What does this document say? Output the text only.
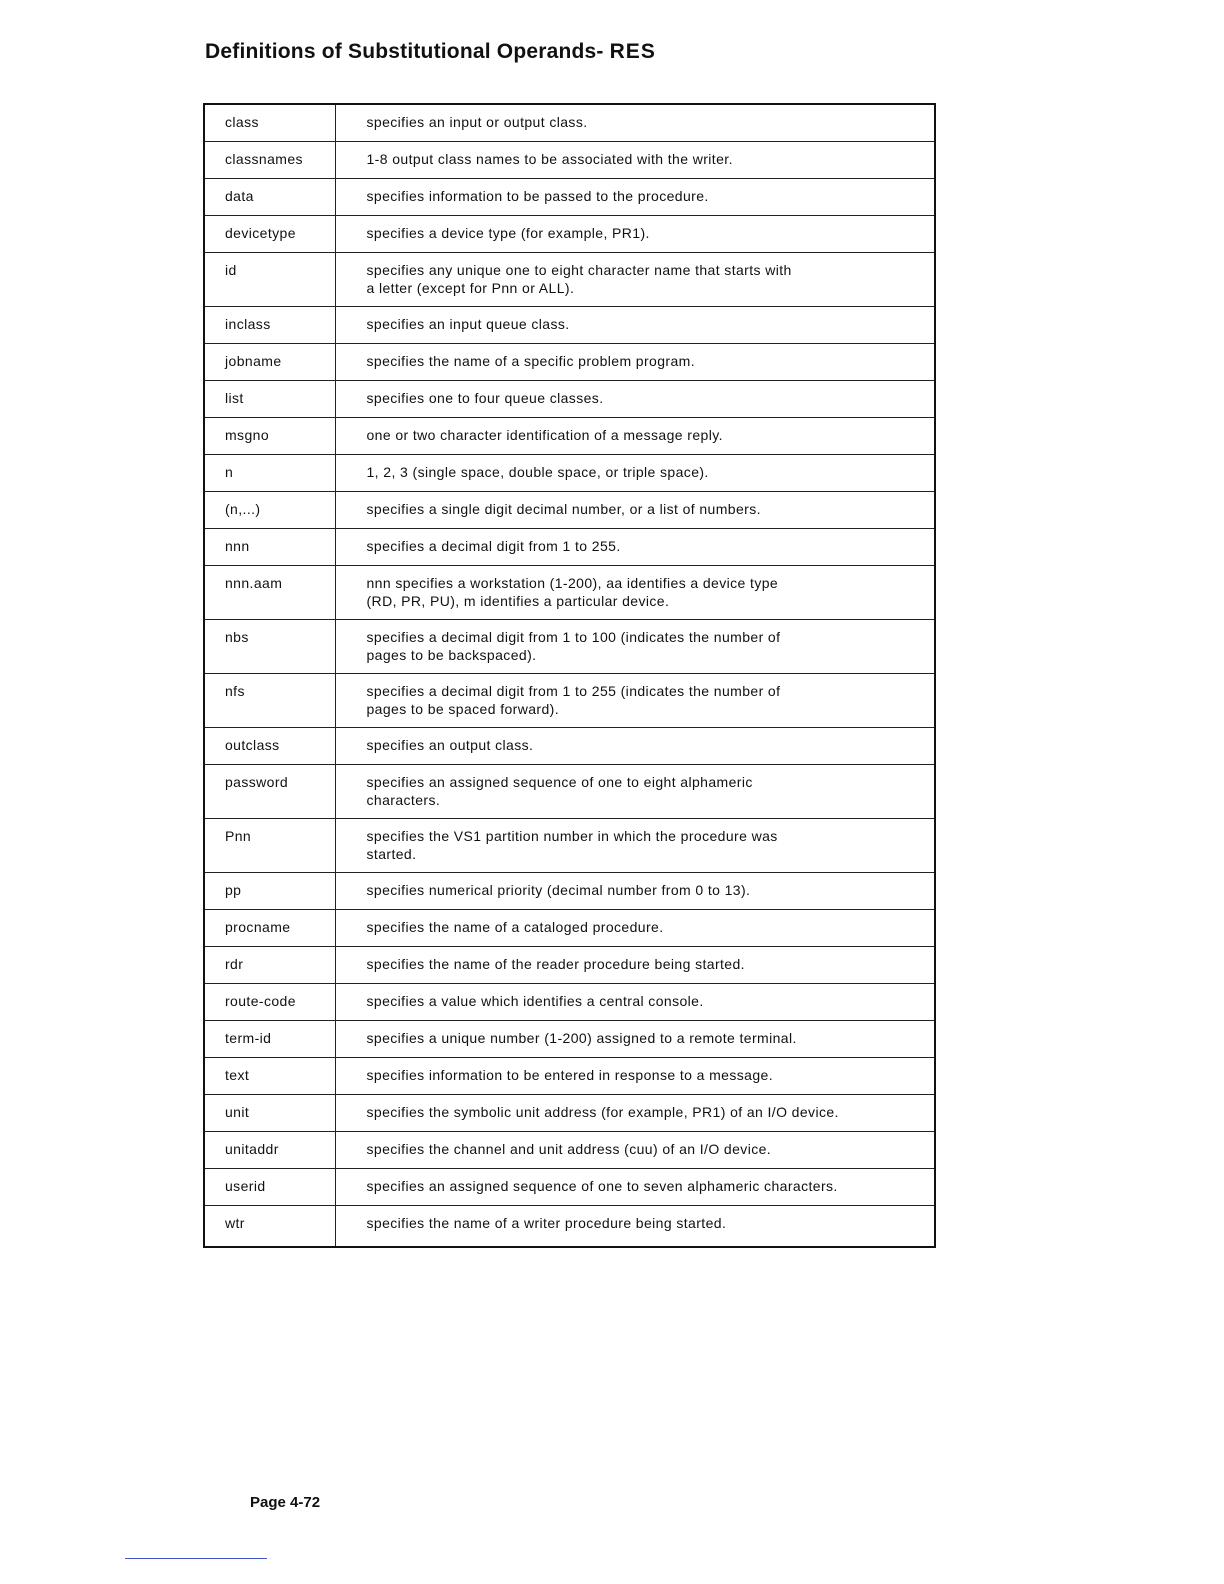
Definitions of Substitutional Operands- RES
class	specifies an input or output class.

classnames	1-8 output class names to be associated with the writer.

data	specifies information to be passed to the procedure.

devicetype	specifies a device type (for example, PR1).

id	specifies any unique one to eight character name that starts with
a letter (except for Pnn or ALL).

inclass	specifies an input queue class.

jobname	specifies the name of a specific problem program.

list	specifies one to four queue classes.

msgno	one or two character identification of a message reply.

n	1, 2, 3 (single space, double space, or triple space).

(n,...)	specifies a single digit decimal number, or a list of numbers.

nnn	specifies a decimal digit from 1 to 255.

nnn.aam	nnn specifies a workstation (1-200), aa identifies a device type
(RD, PR, PU), m identifies a particular device.

nbs	specifies a decimal digit from 1 to 100 (indicates the number of
pages to be backspaced).

nfs	specifies a decimal digit from 1 to 255 (indicates the number of
pages to be spaced forward).

outclass	specifies an output class.

password	specifies an assigned sequence of one to eight alphameric
characters.

Pnn	specifies the VS1 partition number in which the procedure was
started.

pp	specifies numerical priority (decimal number from 0 to 13).

procname	specifies the name of a cataloged procedure.

rdr	specifies the name of the reader procedure being started.

route-code	specifies a value which identifies a central console.

term-id	specifies a unique number (1-200) assigned to a remote terminal.

text	specifies information to be entered in response to a message.

unit	specifies the symbolic unit address (for example, PR1) of an I/O device.

unitaddr	specifies the channel and unit address (cuu) of an I/O device.

userid	specifies an assigned sequence of one to seven alphameric characters.

wtr	specifies the name of a writer procedure being started.
Page 4-72
